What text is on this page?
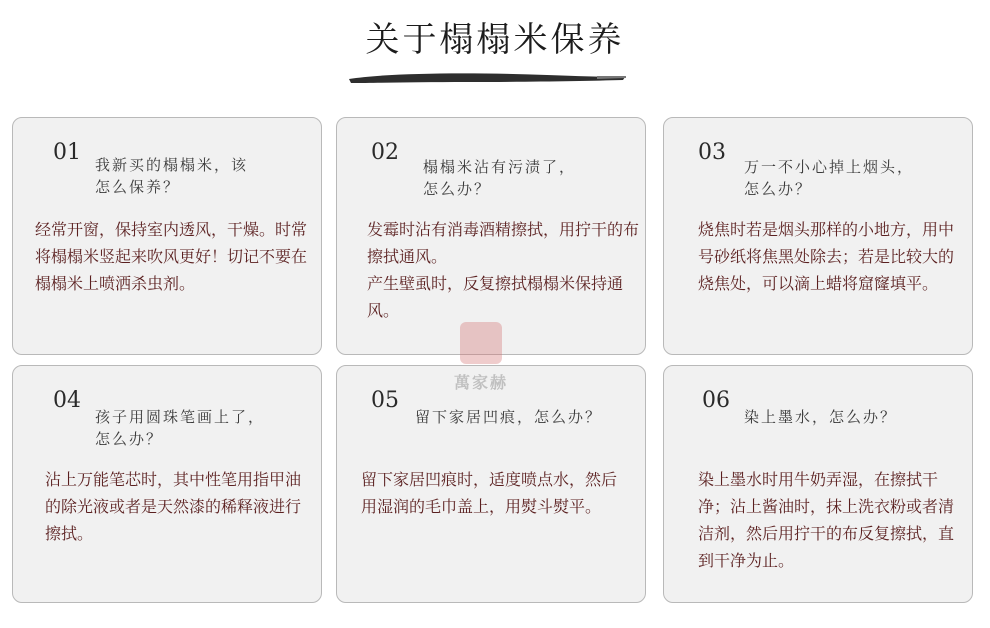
关于榻榻米保养
01 我新买的榻榻米，该
怎么保养？

经常开窗，保持室内透风，干燥。时常将榻榻米竖起来吹风更好！切记不要在榻榻米上喷洒杀虫剂。

02
榻榻米沾有污渍了，
怎么办？

发霉时沾有消毒酒精擦拭，用拧干的布擦拭通风。

产生壁虱时，反复擦拭榻榻米保持通风。

03
万一不小心掉上烟头，
怎么办？

烧焦时若是烟头那样的小地方，用中号砂纸将焦黑处除去；若是比较大的烧焦处，可以滴上蜡将窟窿填平。

04
孩子用圆珠笔画上了，
怎么办？

沾上万能笔芯时，其中性笔用指甲油的除光液或者是天然漆的稀释液进行擦拭。

05
留下家居凹痕，怎么办？

留下家居凹痕时，适度喷点水，然后用湿润的毛巾盖上，用熨斗熨平。

06
染上墨水，怎么办？

染上墨水时用牛奶弄湿，在擦拭干净；沾上酱油时，抹上洗衣粉或者清洁剂，然后用拧干的布反复擦拭，直到干净为止。

萬家赫
